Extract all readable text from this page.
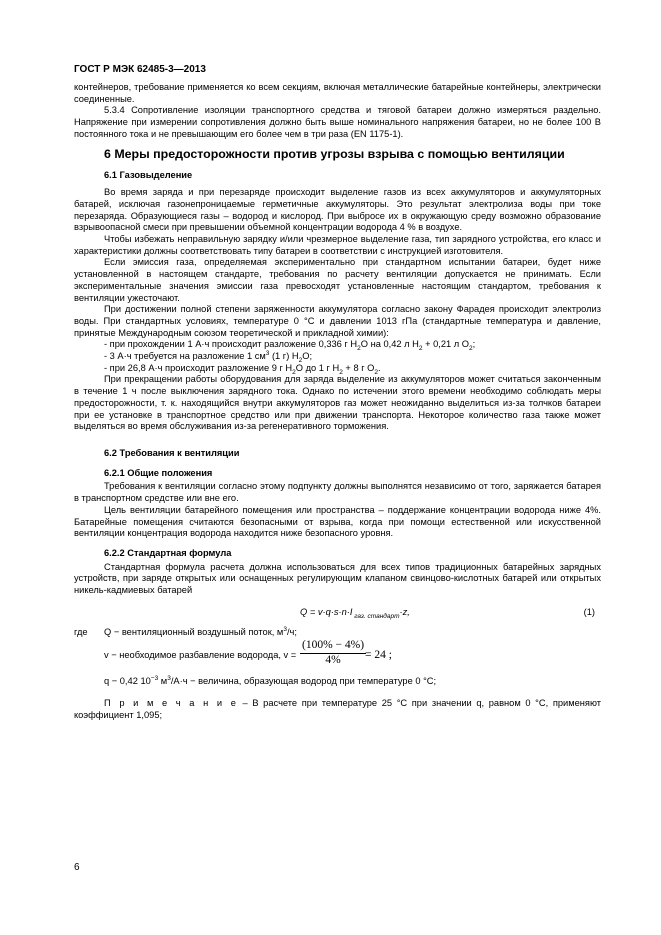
ГОСТ Р МЭК 62485-3—2013

контейнеров, требование применяется ко всем секциям, включая металлические батарейные контейнеры, электрически соединенные.

5.3.4 Сопротивление изоляции транспортного средства и тяговой батареи должно измеряться раздельно. Напряжение при измерении сопротивления должно быть выше номинального напряжения батареи, но не более 100 В постоянного тока и не превышающим его более чем в три раза (EN 1175-1).

6 Меры предосторожности против угрозы взрыва с помощью вентиляции
6.1 Газовыделение

Во время заряда и при перезаряде происходит выделение газов из всех аккумуляторов и аккумуляторных батарей, исключая газонепроницаемые герметичные аккумуляторы. Это результат электролиза воды при токе перезаряда. Образующиеся газы – водород и кислород. При выбросе их в окружающую среду возможно образование взрывоопасной смеси при превышении объемной концентрации водорода 4 % в воздухе.

Чтобы избежать неправильную зарядку и/или чрезмерное выделение газа, тип зарядного устройства, его класс и характеристики должны соответствовать типу батареи в соответствии с инструкцией изготовителя.

Если эмиссия газа, определяемая экспериментально при стандартном испытании батареи, будет ниже установленной в настоящем стандарте, требования по расчету вентиляции допускается не принимать. Если экспериментальные значения эмиссии газа превосходят установленные настоящим стандартом, требования к вентиляции ужесточают.

При достижении полной степени заряженности аккумулятора согласно закону Фарадея происходит электролиз воды. При стандартных условиях, температуре 0 °С и давлении 1013 гПа (стандартные температура и давление, принятые Международным союзом теоретической и прикладной химии):

- при прохождении 1 А·ч происходит разложение 0,336 г $H_2O$ на 0,42 л $H_2 + 0,21$ л $O_2$;

- 3 А·ч требуется на разложение 1 $см^3$ (1 г) $H_2O$;

- при 26,8 А·ч происходит разложение 9 г $H_2O$ до 1 г $H_2 + 8$ г $O_2$.

При прекращении работы оборудования для заряда выделение из аккумуляторов может считаться законченным в течение 1 ч после выключения зарядного тока. Однако по истечении этого времени необходимо соблюдать меры предосторожности, т. к. находящийся внутри аккумуляторов газ может неожиданно выделиться из-за толчков батареи при ее установке в транспортное средство или при движении транспорта. Некоторое количество газа также может выделяться во время обслуживания из-за регенеративного торможения.

6.2 Требования к вентиляции
6.2.1 Общие положения

Требования к вентиляции согласно этому подпункту должны выполнятся независимо от того, заряжается батарея в транспортном средстве или вне его.

Цель вентиляции батарейного помещения или пространства – поддержание концентрации водорода ниже 4%. Батарейные помещения считаются безопасными от взрыва, когда при помощи естественной или искусственной вентиляции концентрация водорода находится ниже безопасного уровня.

6.2.2 Стандартная формула

Стандартная формула расчета должна использоваться для всех типов традиционных батарейных зарядных устройств, при заряде открытых или оснащенных регулирующим клапаном свинцово-кислотных батарей или открытых никель-кадмиевых батарей

Q = v·q·s·n·I $_{газ. стандарт}$·z,	(1)
где Q − вентиляционный воздушный поток, $м^3/ч$;
v − необходимое разбавление водорода, $v = \frac{(100\% - 4\%)}{4\%}$
= 24 ;
q − 0,42 $10^{-3}$ $м^3/А\cdot ч$ − величина, образующая водород при температуре 0 °С;

П р и м е ч а н и е – В расчете при температуре 25 °С при значении q, равном 0 °С, применяют коэффициент 1,095;

6
